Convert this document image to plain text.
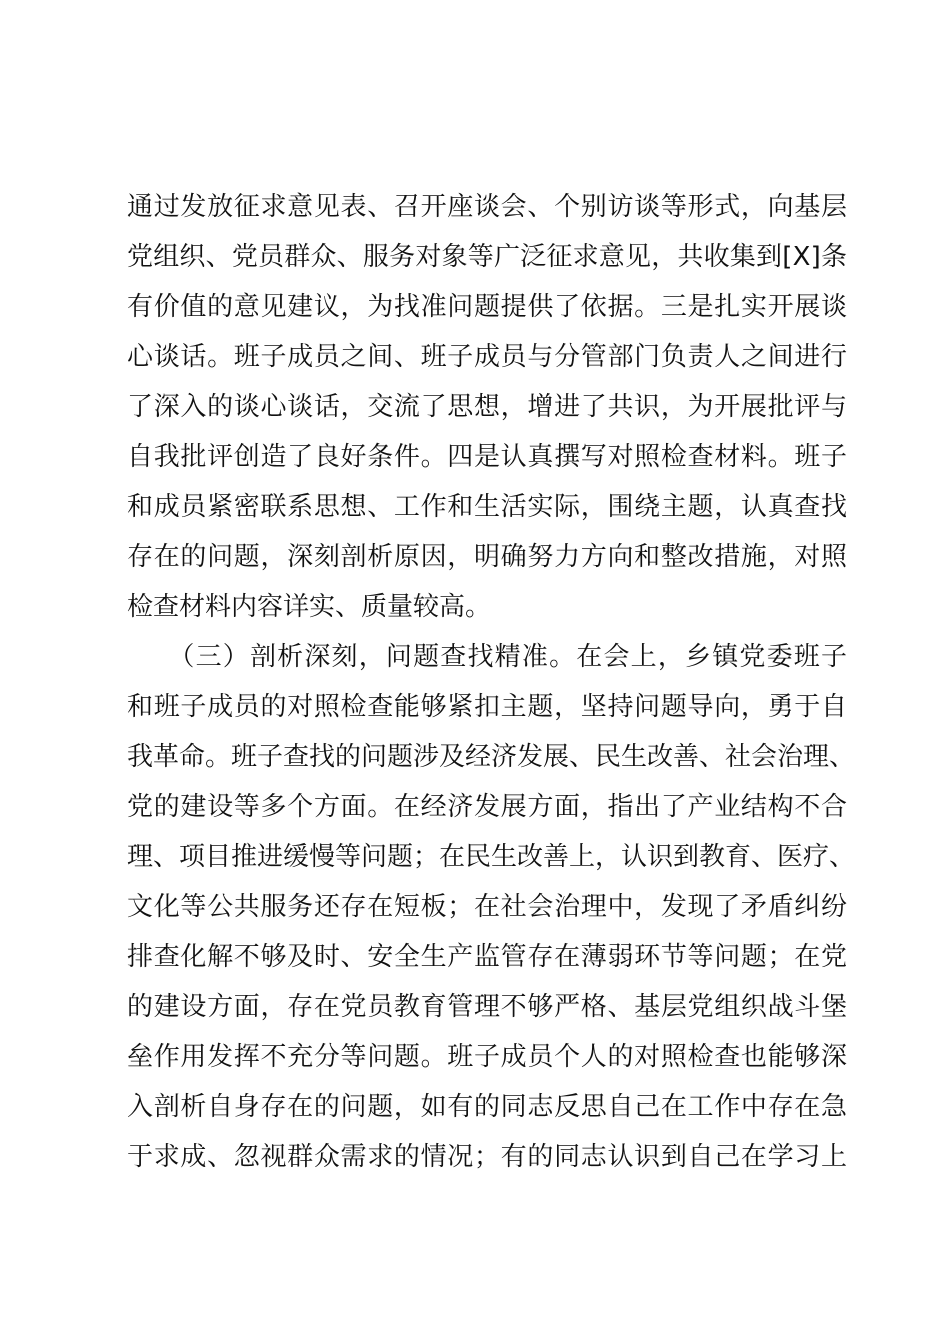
通过发放征求意见表、召开座谈会、个别访谈等形式，向基层
党组织、党员群众、服务对象等广泛征求意见，共收集到[X]条
有价值的意见建议，为找准问题提供了依据。三是扎实开展谈
心谈话。班子成员之间、班子成员与分管部门负责人之间进行
了深入的谈心谈话，交流了思想，增进了共识，为开展批评与
自我批评创造了良好条件。四是认真撰写对照检查材料。班子
和成员紧密联系思想、工作和生活实际，围绕主题，认真查找
存在的问题，深刻剖析原因，明确努力方向和整改措施，对照
检查材料内容详实、质量较高。
　　（三）剖析深刻，问题查找精准。在会上，乡镇党委班子
和班子成员的对照检查能够紧扣主题，坚持问题导向，勇于自
我革命。班子查找的问题涉及经济发展、民生改善、社会治理、
党的建设等多个方面。在经济发展方面，指出了产业结构不合
理、项目推进缓慢等问题；在民生改善上，认识到教育、医疗、
文化等公共服务还存在短板；在社会治理中，发现了矛盾纠纷
排查化解不够及时、安全生产监管存在薄弱环节等问题；在党
的建设方面，存在党员教育管理不够严格、基层党组织战斗堡
垒作用发挥不充分等问题。班子成员个人的对照检查也能够深
入剖析自身存在的问题，如有的同志反思自己在工作中存在急
于求成、忽视群众需求的情况；有的同志认识到自己在学习上
